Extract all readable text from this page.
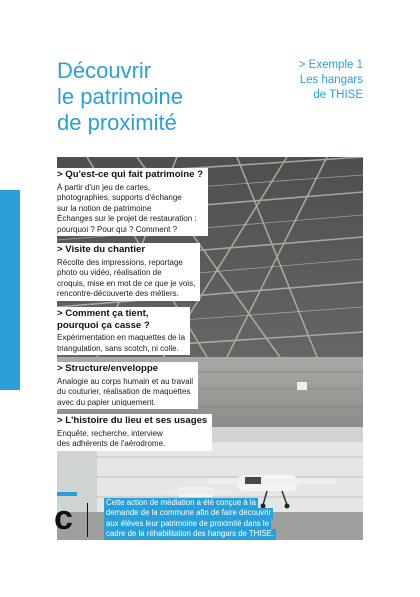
SENSIBILISATION À L'ESPACE CONSTRUIT
Découvrir
le patrimoine
de proximité
> Exemple 1
Les hangars
de THISE
> Qu'est-ce qui fait patrimoine ?

À partir d'un jeu de cartes,
photographies, supports d'échange
sur la notion de patrimoine
Échanges sur le projet de restauration :
pourquoi ? Pour qui ? Comment ?

> Visite du chantier

Récolte des impressions, reportage
photo ou vidéo, réalisation de
croquis, mise en mot de ce que je vois,
rencontre-découverte des métiers.

> Comment ça tient,
pourquoi ça casse ?

Expérimentation en maquettes de la
triangulation, sans scotch, ni colle.

> Structure/enveloppe

Analogie au corps humain et au travail
du couturier, réalisation de maquettes
avec du papier uniquement.

> L'histoire du lieu et ses usages

Enquête, recherche, interview
des adhérents de l'aérodrome.

c	Cette action de médiation a été conçue à la
demande de la commune afin de faire découvrir
aux élèves leur patrimoine de proximité dans le
cadre de la réhabilitation des hangars de THISE.
